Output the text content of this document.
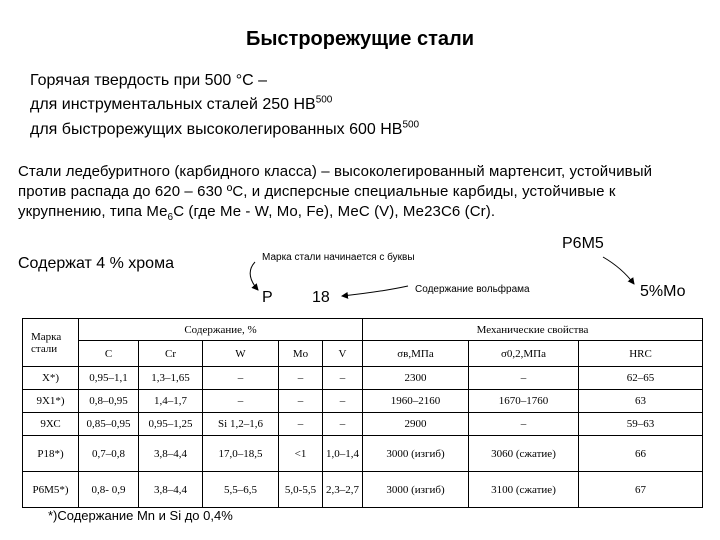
Быстрорежущие стали
Горячая твердость при 500 °С –
для инструментальных сталей 250 НВ$^{500}$
для быстрорежущих высоколегированных 600 НВ$^{500}$
Стали ледебуритного (карбидного класса) – высоколегированный мартенсит, устойчивый
против распада до 620 – 630 ºС, и дисперсные специальные карбиды, устойчивые к
укрупнению, типа $Ме_6С$ (где Ме - W, Mo, Fe), МеС (V), Ме23С6 (Cr).
Содержат 4 % хрома
Р6М5
Марка стали начинается с буквы
Р 18	Содержание вольфрама	5%Мо
Марка стали	Содержание, %					Механические свойства		
	C	Cr	W	Mo	V	σв,МПа	σ0,2,МПа	HRC
Х*)	0,95–1,1	1,3–1,65	–	–	–	2300	–	62–65
9Х1*)	0,8–0,95	1,4–1,7	–	–	–	1960–2160	1670–1760	63
9ХС	0,85–0,95	0,95–1,25	Si 1,2–1,6	–	–	2900	–	59–63
Р18*)	0,7–0,8	3,8–4,4	17,0–18,5	<1	1,0–1,4	3000 (изгиб)	3060 (сжатие)	66
Р6М5*)	0,8- 0,9	3,8–4,4	5,5–6,5	5,0-5,5	2,3–2,7	3000 (изгиб)	3100 (сжатие)	67
*)Содержание Mn и Si до 0,4%
